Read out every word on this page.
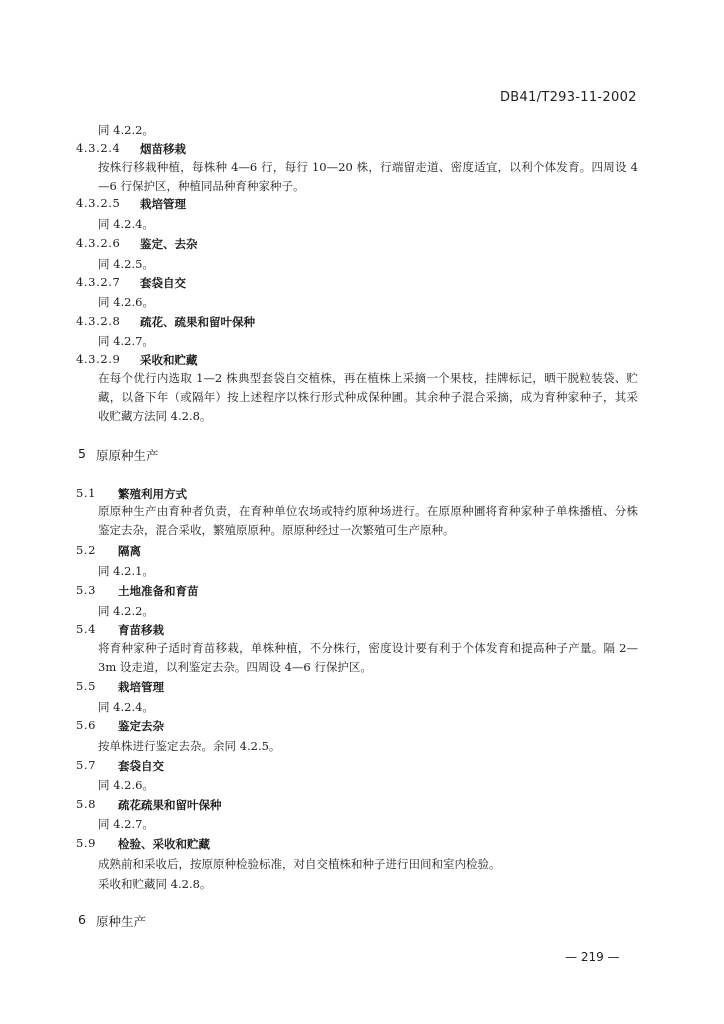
DB41/T293-11-2002
同 4.2.2。
4.3.2.4 烟苗移栽
按株行移栽种植，每株种 4—6 行，每行 10—20 株，行端留走道、密度适宜，以利个体发育。四周设 4—6 行保护区，种植同品种育种家种子。
4.3.2.5 栽培管理
同 4.2.4。
4.3.2.6 鉴定、去杂
同 4.2.5。
4.3.2.7 套袋自交
同 4.2.6。
4.3.2.8 疏花、疏果和留叶保种
同 4.2.7。
4.3.2.9 采收和贮藏
在每个优行内选取 1—2 株典型套袋自交植株，再在植株上采摘一个果枝，挂牌标记，晒干脱粒装袋、贮藏，以备下年（或隔年）按上述程序以株行形式种成保种圃。其余种子混合采摘，成为育种家种子，其采收贮藏方法同 4.2.8。
5 原原种生产
5.1 繁殖利用方式
原原种生产由育种者负责，在育种单位农场或特约原种场进行。在原原种圃将育种家种子单株播植、分株鉴定去杂，混合采收，繁殖原原种。原原种经过一次繁殖可生产原种。
5.2 隔离
同 4.2.1。
5.3 土地准备和育苗
同 4.2.2。
5.4 育苗移栽
将育种家种子适时育苗移栽，单株种植，不分株行，密度设计要有利于个体发育和提高种子产量。隔 2—3m 设走道，以利鉴定去杂。四周设 4—6 行保护区。
5.5 栽培管理
同 4.2.4。
5.6 鉴定去杂
按单株进行鉴定去杂。余同 4.2.5。
5.7 套袋自交
同 4.2.6。
5.8 疏花疏果和留叶保种
同 4.2.7。
5.9 检验、采收和贮藏
成熟前和采收后，按原原种检验标准，对自交植株和种子进行田间和室内检验。
采收和贮藏同 4.2.8。
6 原种生产
— 219 —
